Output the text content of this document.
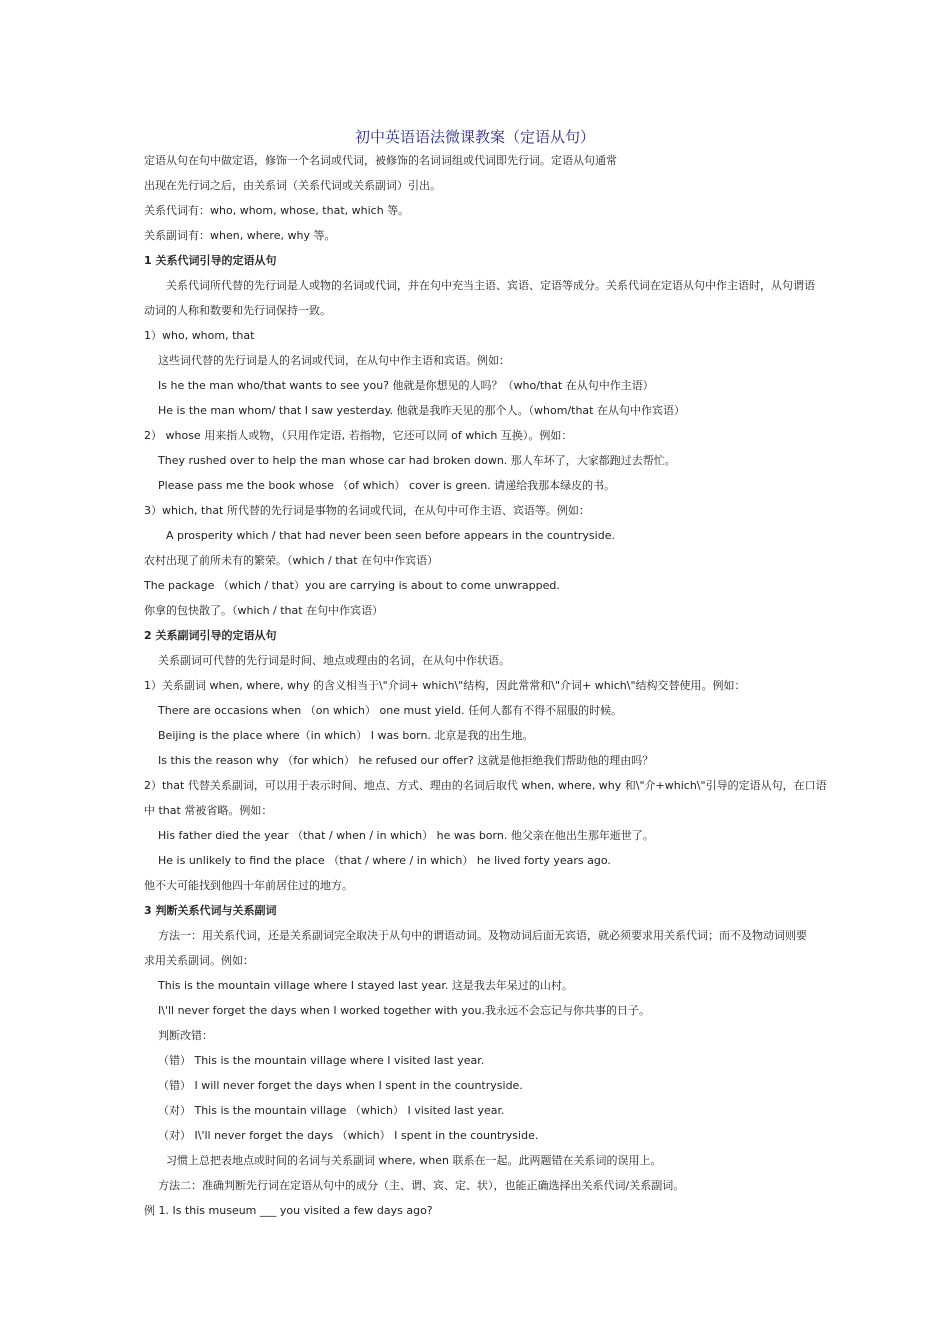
初中英语语法微课教案（定语从句）
定语从句在句中做定语，修饰一个名词或代词，被修饰的名词词组或代词即先行词。定语从句通常
出现在先行词之后，由关系词（关系代词或关系副词）引出。
关系代词有：who, whom, whose, that, which 等。
关系副词有：when, where, why 等。
1 关系代词引导的定语从句
关系代词所代替的先行词是人或物的名词或代词，并在句中充当主语、宾语、定语等成分。关系代词在定语从句中作主语时，从句谓语
动词的人称和数要和先行词保持一致。
1）who, whom, that
这些词代替的先行词是人的名词或代词，在从句中作主语和宾语。例如：
Is he the man who/that wants to see you? 他就是你想见的人吗？（who/that 在从句中作主语）
He is the man whom/ that I saw yesterday. 他就是我昨天见的那个人。（whom/that 在从句中作宾语）
2） whose 用来指人或物，（只用作定语, 若指物，它还可以同 of which 互换）。例如：
They rushed over to help the man whose car had broken down. 那人车坏了，大家都跑过去帮忙。
Please pass me the book whose （of which） cover is green. 请递给我那本绿皮的书。
3）which, that 所代替的先行词是事物的名词或代词，在从句中可作主语、宾语等。例如：
A prosperity which / that had never been seen before appears in the countryside.
农村出现了前所未有的繁荣。（which / that 在句中作宾语）
The package （which / that）you are carrying is about to come unwrapped.
你拿的包快散了。（which / that 在句中作宾语）
2 关系副词引导的定语从句
关系副词可代替的先行词是时间、地点或理由的名词，在从句中作状语。
1）关系副词 when, where, why 的含义相当于\"介词+ which\"结构，因此常常和\"介词+ which\"结构交替使用。例如：
There are occasions when （on which） one must yield. 任何人都有不得不屈服的时候。
Beijing is the place where（in which） I was born. 北京是我的出生地。
Is this the reason why （for which） he refused our offer? 这就是他拒绝我们帮助他的理由吗？
2）that 代替关系副词，可以用于表示时间、地点、方式、理由的名词后取代 when, where, why 和\"介+which\"引导的定语从句，在口语
中 that 常被省略。例如：
His father died the year （that / when / in which） he was born. 他父亲在他出生那年逝世了。
He is unlikely to find the place （that / where / in which） he lived forty years ago.
他不大可能找到他四十年前居住过的地方。
3 判断关系代词与关系副词
方法一：用关系代词，还是关系副词完全取决于从句中的谓语动词。及物动词后面无宾语，就必须要求用关系代词；而不及物动词则要
求用关系副词。例如：
This is the mountain village where I stayed last year. 这是我去年呆过的山村。
I\'ll never forget the days when I worked together with you.我永远不会忘记与你共事的日子。
判断改错：
（错） This is the mountain village where I visited last year.
（错） I will never forget the days when I spent in the countryside.
（对） This is the mountain village （which） I visited last year.
（对） I\'ll never forget the days （which） I spent in the countryside.
习惯上总把表地点或时间的名词与关系副词 where, when 联系在一起。此两题错在关系词的误用上。
方法二：准确判断先行词在定语从句中的成分（主、谓、宾、定、状），也能正确选择出关系代词/关系副词。
例 1. Is this museum ___ you visited a few days ago?
